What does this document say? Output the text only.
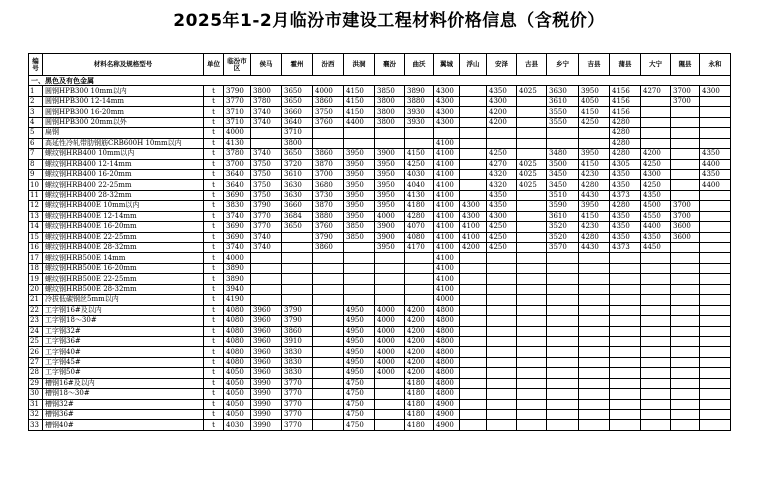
2025年1-2月临汾市建设工程材料价格信息（含税价）
编号	材料名称及规格型号	单位	临汾市区	侯马	霍州	汾西	洪洞	襄汾	曲沃	翼城	浮山	安泽	古县	乡宁	吉县	蒲县	大宁	隰县	永和
一、黑色及有色金属																			
1	圆钢HPB300 10mm以内	t	3790	3800	3650	4000	4150	3850	3890	4300		4350	4025	3630	3950	4156	4270	3700	4300
2	圆钢HPB300 12-14mm	t	3770	3780	3650	3860	4150	3800	3880	4300		4300		3610	4050	4156		3700	
3	圆钢HPB300 16-20mm	t	3710	3740	3660	3750	4150	3800	3930	4300		4200		3550	4150	4156			
4	圆钢HPB300 20mm以外	t	3710	3740	3640	3760	4400	3800	3930	4300		4200		3550	4250	4280			
5	扁钢	t	4000		3710											4280			
6	高延性冷轧带肋钢筋CRB600H 10mm以内	t	4130		3800					4100						4280			
7	螺纹钢HRB400 10mm以内	t	3780	3740	3650	3860	3950	3900	4150	4100		4250		3480	3950	4280	4200		4350
8	螺纹钢HRB400 12-14mm	t	3700	3750	3720	3870	3950	3950	4250	4100		4270	4025	3500	4150	4305	4250		4400
9	螺纹钢HRB400 16-20mm	t	3640	3750	3610	3700	3950	3950	4030	4100		4320	4025	3450	4230	4350	4300		4350
10	螺纹钢HRB400 22-25mm	t	3640	3750	3630	3680	3950	3950	4040	4100		4320	4025	3450	4280	4350	4250		4400
11	螺纹钢HRB400 28-32mm	t	3690	3750	3630	3730	3950	3950	4130	4100		4350		3510	4430	4373	4350		
12	螺纹钢HRB400E 10mm以内	t	3830	3790	3660	3870	3950	3950	4180	4100	4300	4350		3590	3950	4280	4500	3700	
13	螺纹钢HRB400E 12-14mm	t	3740	3770	3684	3880	3950	4000	4280	4100	4300	4300		3610	4150	4350	4550	3700	
14	螺纹钢HRB400E 16-20mm	t	3690	3770	3650	3760	3850	3900	4070	4100	4100	4250		3520	4230	4350	4400	3600	
15	螺纹钢HRB400E 22-25mm	t	3690	3740		3790	3850	3900	4080	4100	4100	4250		3520	4280	4350	4350	3600	
16	螺纹钢HRB400E 28-32mm	t	3740	3740		3860		3950	4170	4100	4200	4250		3570	4430	4373	4450		
17	螺纹钢HRB500E 14mm	t	4000							4100									
18	螺纹钢HRB500E 16-20mm	t	3890							4100									
19	螺纹钢HRB500E 22-25mm	t	3890							4100									
20	螺纹钢HRB500E 28-32mm	t	3940							4100									
21	冷拔低碳钢丝5mm以内	t	4190							4000									
22	工字钢16#及以内	t	4080	3960	3790		4950	4000	4200	4800									
23	工字钢18～30#	t	4080	3960	3790		4950	4000	4200	4800									
24	工字钢32#	t	4080	3960	3860		4950	4000	4200	4800									
25	工字钢36#	t	4080	3960	3910		4950	4000	4200	4800									
26	工字钢40#	t	4080	3960	3830		4950	4000	4200	4800									
27	工字钢45#	t	4080	3960	3830		4950	4000	4200	4800									
28	工字钢50#	t	4050	3960	3830		4950	4000	4200	4800									
29	槽钢16#及以内	t	4050	3990	3770		4750		4180	4800									
30	槽钢18～30#	t	4050	3990	3770		4750		4180	4800									
31	槽钢32#	t	4050	3990	3770		4750		4180	4900									
32	槽钢36#	t	4050	3990	3770		4750		4180	4900									
33	槽钢40#	t	4030	3990	3770		4750		4180	4900									
